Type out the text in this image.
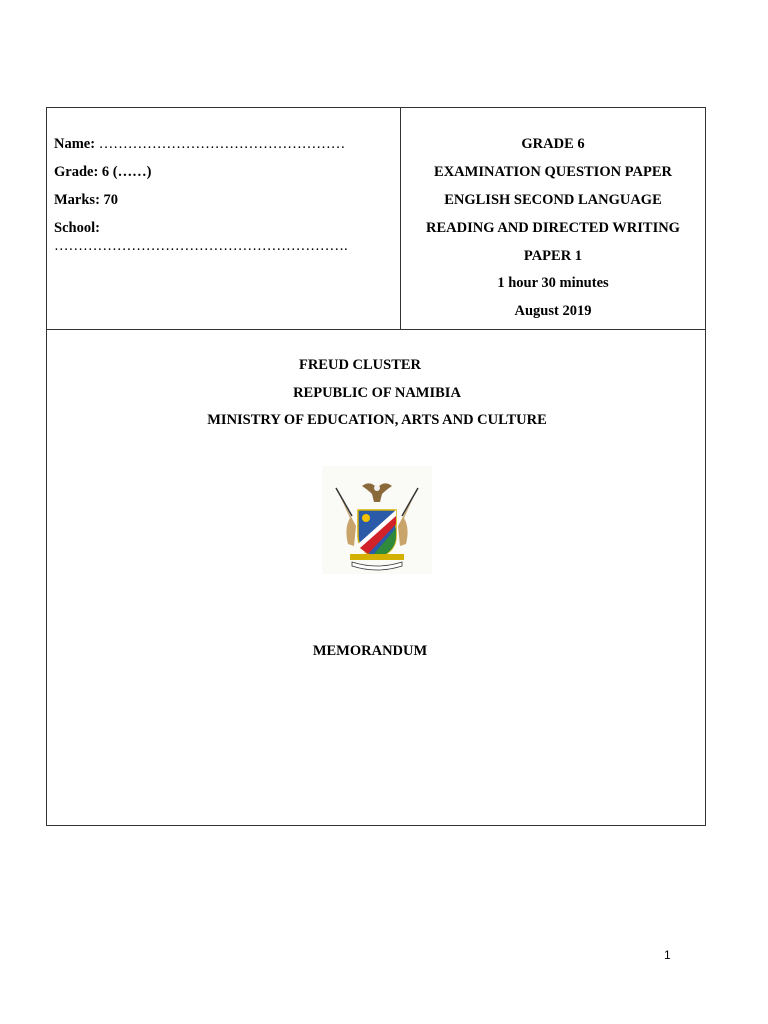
Name: ……………………………………………
Grade: 6 (……)
Marks: 70
School:
…………………………………………………….
GRADE 6
EXAMINATION QUESTION PAPER
ENGLISH SECOND LANGUAGE
READING AND DIRECTED WRITING
PAPER 1
1 hour 30 minutes
August 2019
FREUD CLUSTER
REPUBLIC OF NAMIBIA
MINISTRY OF EDUCATION, ARTS AND CULTURE
MEMORANDUM
1
